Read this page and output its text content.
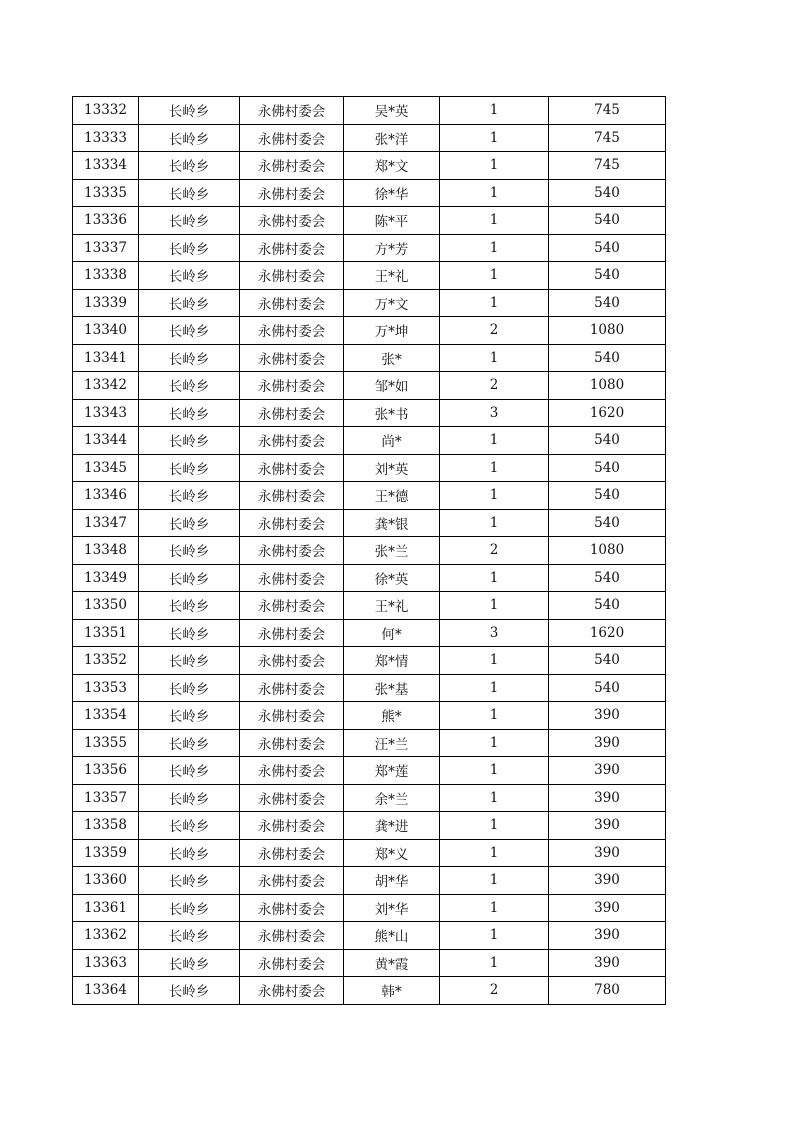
13332	长岭乡	永佛村委会	吴*英	1	745
13333	长岭乡	永佛村委会	张*洋	1	745
13334	长岭乡	永佛村委会	郑*文	1	745
13335	长岭乡	永佛村委会	徐*华	1	540
13336	长岭乡	永佛村委会	陈*平	1	540
13337	长岭乡	永佛村委会	方*芳	1	540
13338	长岭乡	永佛村委会	王*礼	1	540
13339	长岭乡	永佛村委会	万*文	1	540
13340	长岭乡	永佛村委会	万*坤	2	1080
13341	长岭乡	永佛村委会	张*	1	540
13342	长岭乡	永佛村委会	邹*如	2	1080
13343	长岭乡	永佛村委会	张*书	3	1620
13344	长岭乡	永佛村委会	尚*	1	540
13345	长岭乡	永佛村委会	刘*英	1	540
13346	长岭乡	永佛村委会	王*德	1	540
13347	长岭乡	永佛村委会	龚*银	1	540
13348	长岭乡	永佛村委会	张*兰	2	1080
13349	长岭乡	永佛村委会	徐*英	1	540
13350	长岭乡	永佛村委会	王*礼	1	540
13351	长岭乡	永佛村委会	何*	3	1620
13352	长岭乡	永佛村委会	郑*情	1	540
13353	长岭乡	永佛村委会	张*基	1	540
13354	长岭乡	永佛村委会	熊*	1	390
13355	长岭乡	永佛村委会	汪*兰	1	390
13356	长岭乡	永佛村委会	郑*莲	1	390
13357	长岭乡	永佛村委会	余*兰	1	390
13358	长岭乡	永佛村委会	龚*进	1	390
13359	长岭乡	永佛村委会	郑*义	1	390
13360	长岭乡	永佛村委会	胡*华	1	390
13361	长岭乡	永佛村委会	刘*华	1	390
13362	长岭乡	永佛村委会	熊*山	1	390
13363	长岭乡	永佛村委会	黄*霞	1	390
13364	长岭乡	永佛村委会	韩*	2	780
